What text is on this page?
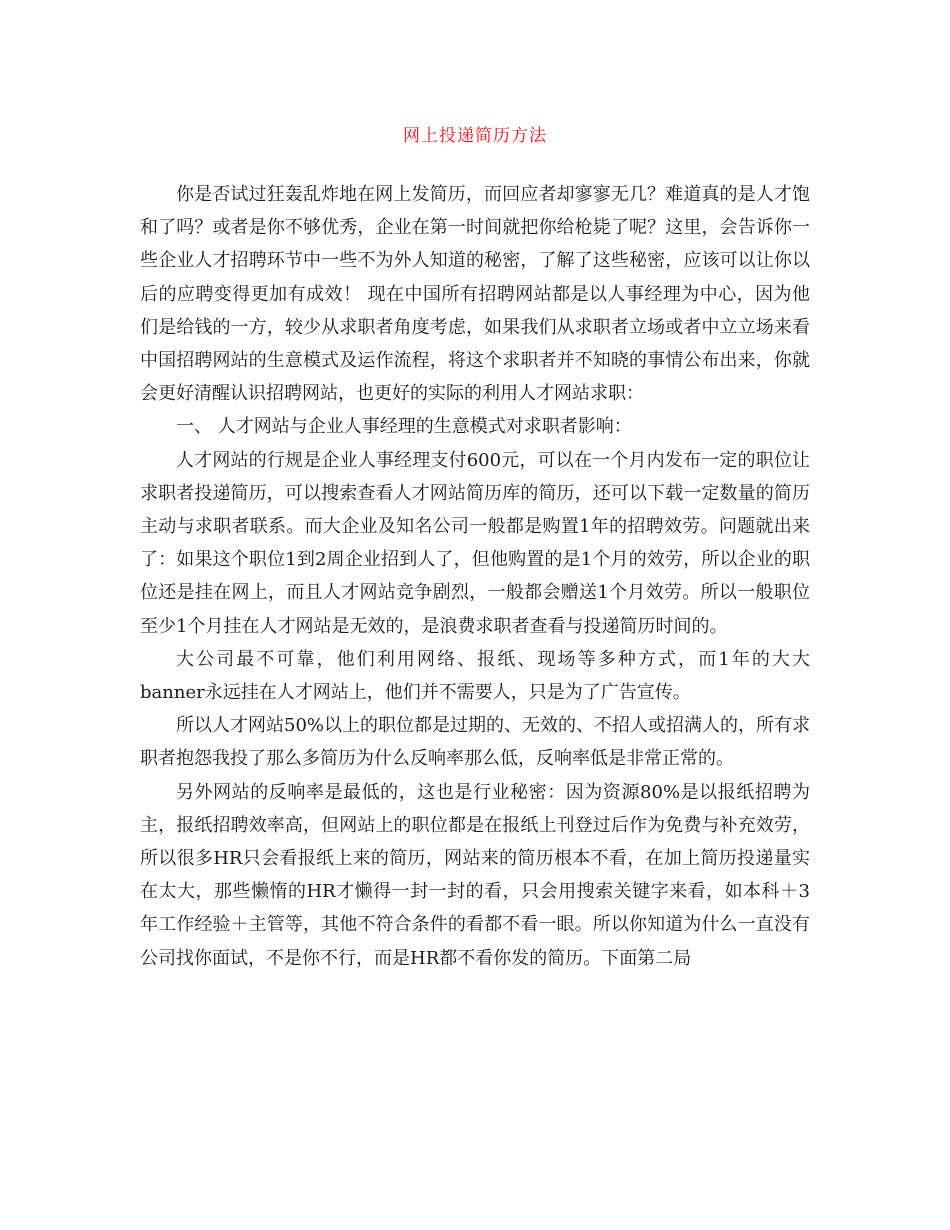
网上投递简历方法

你是否试过狂轰乱炸地在网上发简历，而回应者却寥寥无几？难道真的是人才饱和了吗？或者是你不够优秀，企业在第一时间就把你给枪毙了呢？这里，会告诉你一些企业人才招聘环节中一些不为外人知道的秘密，了解了这些秘密，应该可以让你以后的应聘变得更加有成效！ 现在中国所有招聘网站都是以人事经理为中心，因为他们是给钱的一方，较少从求职者角度考虑，如果我们从求职者立场或者中立立场来看中国招聘网站的生意模式及运作流程，将这个求职者并不知晓的事情公布出来，你就会更好清醒认识招聘网站，也更好的实际的利用人才网站求职：

一、 人才网站与企业人事经理的生意模式对求职者影响：

人才网站的行规是企业人事经理支付600元，可以在一个月内发布一定的职位让求职者投递简历，可以搜索查看人才网站简历库的简历，还可以下载一定数量的简历主动与求职者联系。而大企业及知名公司一般都是购置1年的招聘效劳。问题就出来了：如果这个职位1到2周企业招到人了，但他购置的是1个月的效劳，所以企业的职位还是挂在网上，而且人才网站竞争剧烈，一般都会赠送1个月效劳。所以一般职位至少1个月挂在人才网站是无效的，是浪费求职者查看与投递简历时间的。

大公司最不可靠，他们利用网络、报纸、现场等多种方式，而1年的大大banner永远挂在人才网站上，他们并不需要人，只是为了广告宣传。

所以人才网站50%以上的职位都是过期的、无效的、不招人或招满人的，所有求职者抱怨我投了那么多简历为什么反响率那么低，反响率低是非常正常的。

另外网站的反响率是最低的，这也是行业秘密：因为资源80%是以报纸招聘为主，报纸招聘效率高，但网站上的职位都是在报纸上刊登过后作为免费与补充效劳，所以很多HR只会看报纸上来的简历，网站来的简历根本不看，在加上简历投递量实在太大，那些懒惰的HR才懒得一封一封的看，只会用搜索关键字来看，如本科＋3年工作经验＋主管等，其他不符合条件的看都不看一眼。所以你知道为什么一直没有公司找你面试，不是你不行，而是HR都不看你发的简历。下面第二局
